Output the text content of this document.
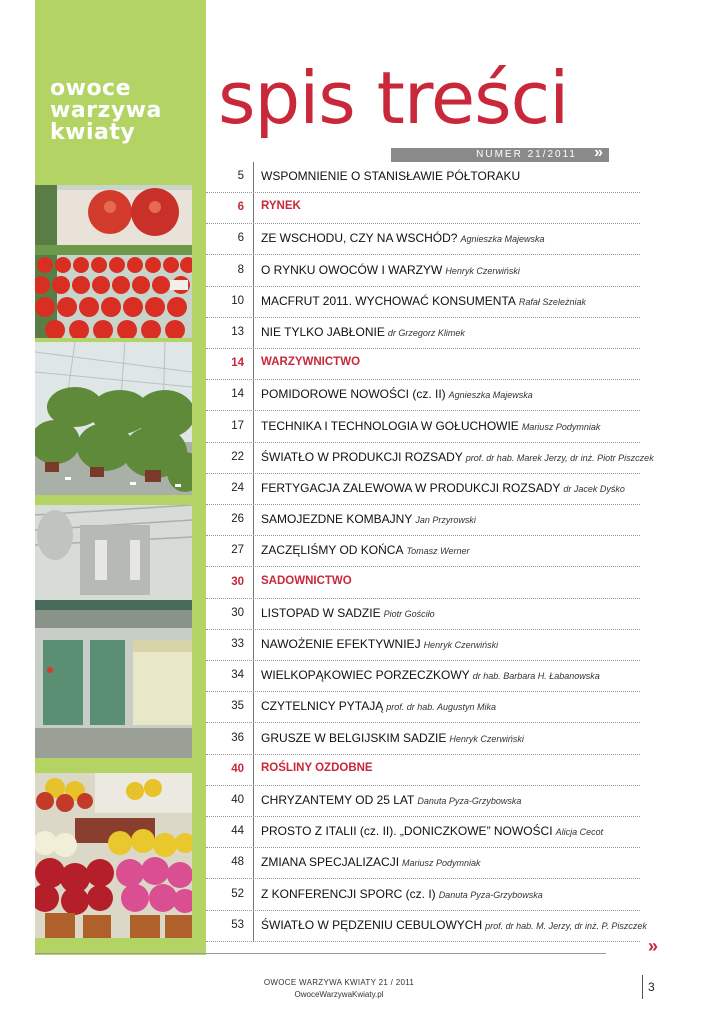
owoce
warzywa
kwiaty	spis treści
NUMER 21/2011 »
5 WSPOMNIENIE O STANISŁAWIE PÓŁTORAKU
6 RYNEK
6 ZE WSCHODU, CZY NA WSCHÓD? Agnieszka Majewska
8 O RYNKU OWOCÓW I WARZYW Henryk Czerwiński
10 MACFRUT 2011. WYCHOWAĆ KONSUMENTA Rafał Szeleżniak
13 NIE TYLKO JABŁONIE dr Grzegorz Klimek
14 WARZYWNICTWO
14 POMIDOROWE NOWOŚCI (cz. II) Agnieszka Majewska
17 TECHNIKA I TECHNOLOGIA W GOŁUCHOWIE Mariusz Podymniak
22 ŚWIATŁO W PRODUKCJI ROZSADY prof. dr hab. Marek Jerzy, dr inż. Piotr Piszczek
24 FERTYGACJA ZALEWOWA W PRODUKCJI ROZSADY dr Jacek Dyśko
26 SAMOJEZDNE KOMBAJNY Jan Przyrowski
27 ZACZĘLIŚMY OD KOŃCA Tomasz Werner
30 SADOWNICTWO
30 LISTOPAD W SADZIE Piotr Gościło
33 NAWOŻENIE EFEKTYWNIEJ Henryk Czerwiński
34 WIELKOPĄKOWIEC PORZECZKOWY dr hab. Barbara H. Łabanowska
35 CZYTELNICY PYTAJĄ prof. dr hab. Augustyn Mika
36 GRUSZE W BELGIJSKIM SADZIE Henryk Czerwiński
40 ROŚLINY OZDOBNE
40 CHRYZANTEMY OD 25 LAT Danuta Pyza-Grzybowska
44 PROSTO Z ITALII (cz. II). „DONICZKOWE” NOWOŚCI Alicja Cecot
48 ZMIANA SPECJALIZACJI Mariusz Podymniak
52 Z KONFERENCJI SPORC (cz. I) Danuta Pyza-Grzybowska
53 ŚWIATŁO W PĘDZENIU CEBULOWYCH prof. dr hab. M. Jerzy, dr inż. P. Piszczek
»
OWOCE WARZYWA KWIATY 21 / 2011
OwoceWarzywaKwiaty.pl
3
